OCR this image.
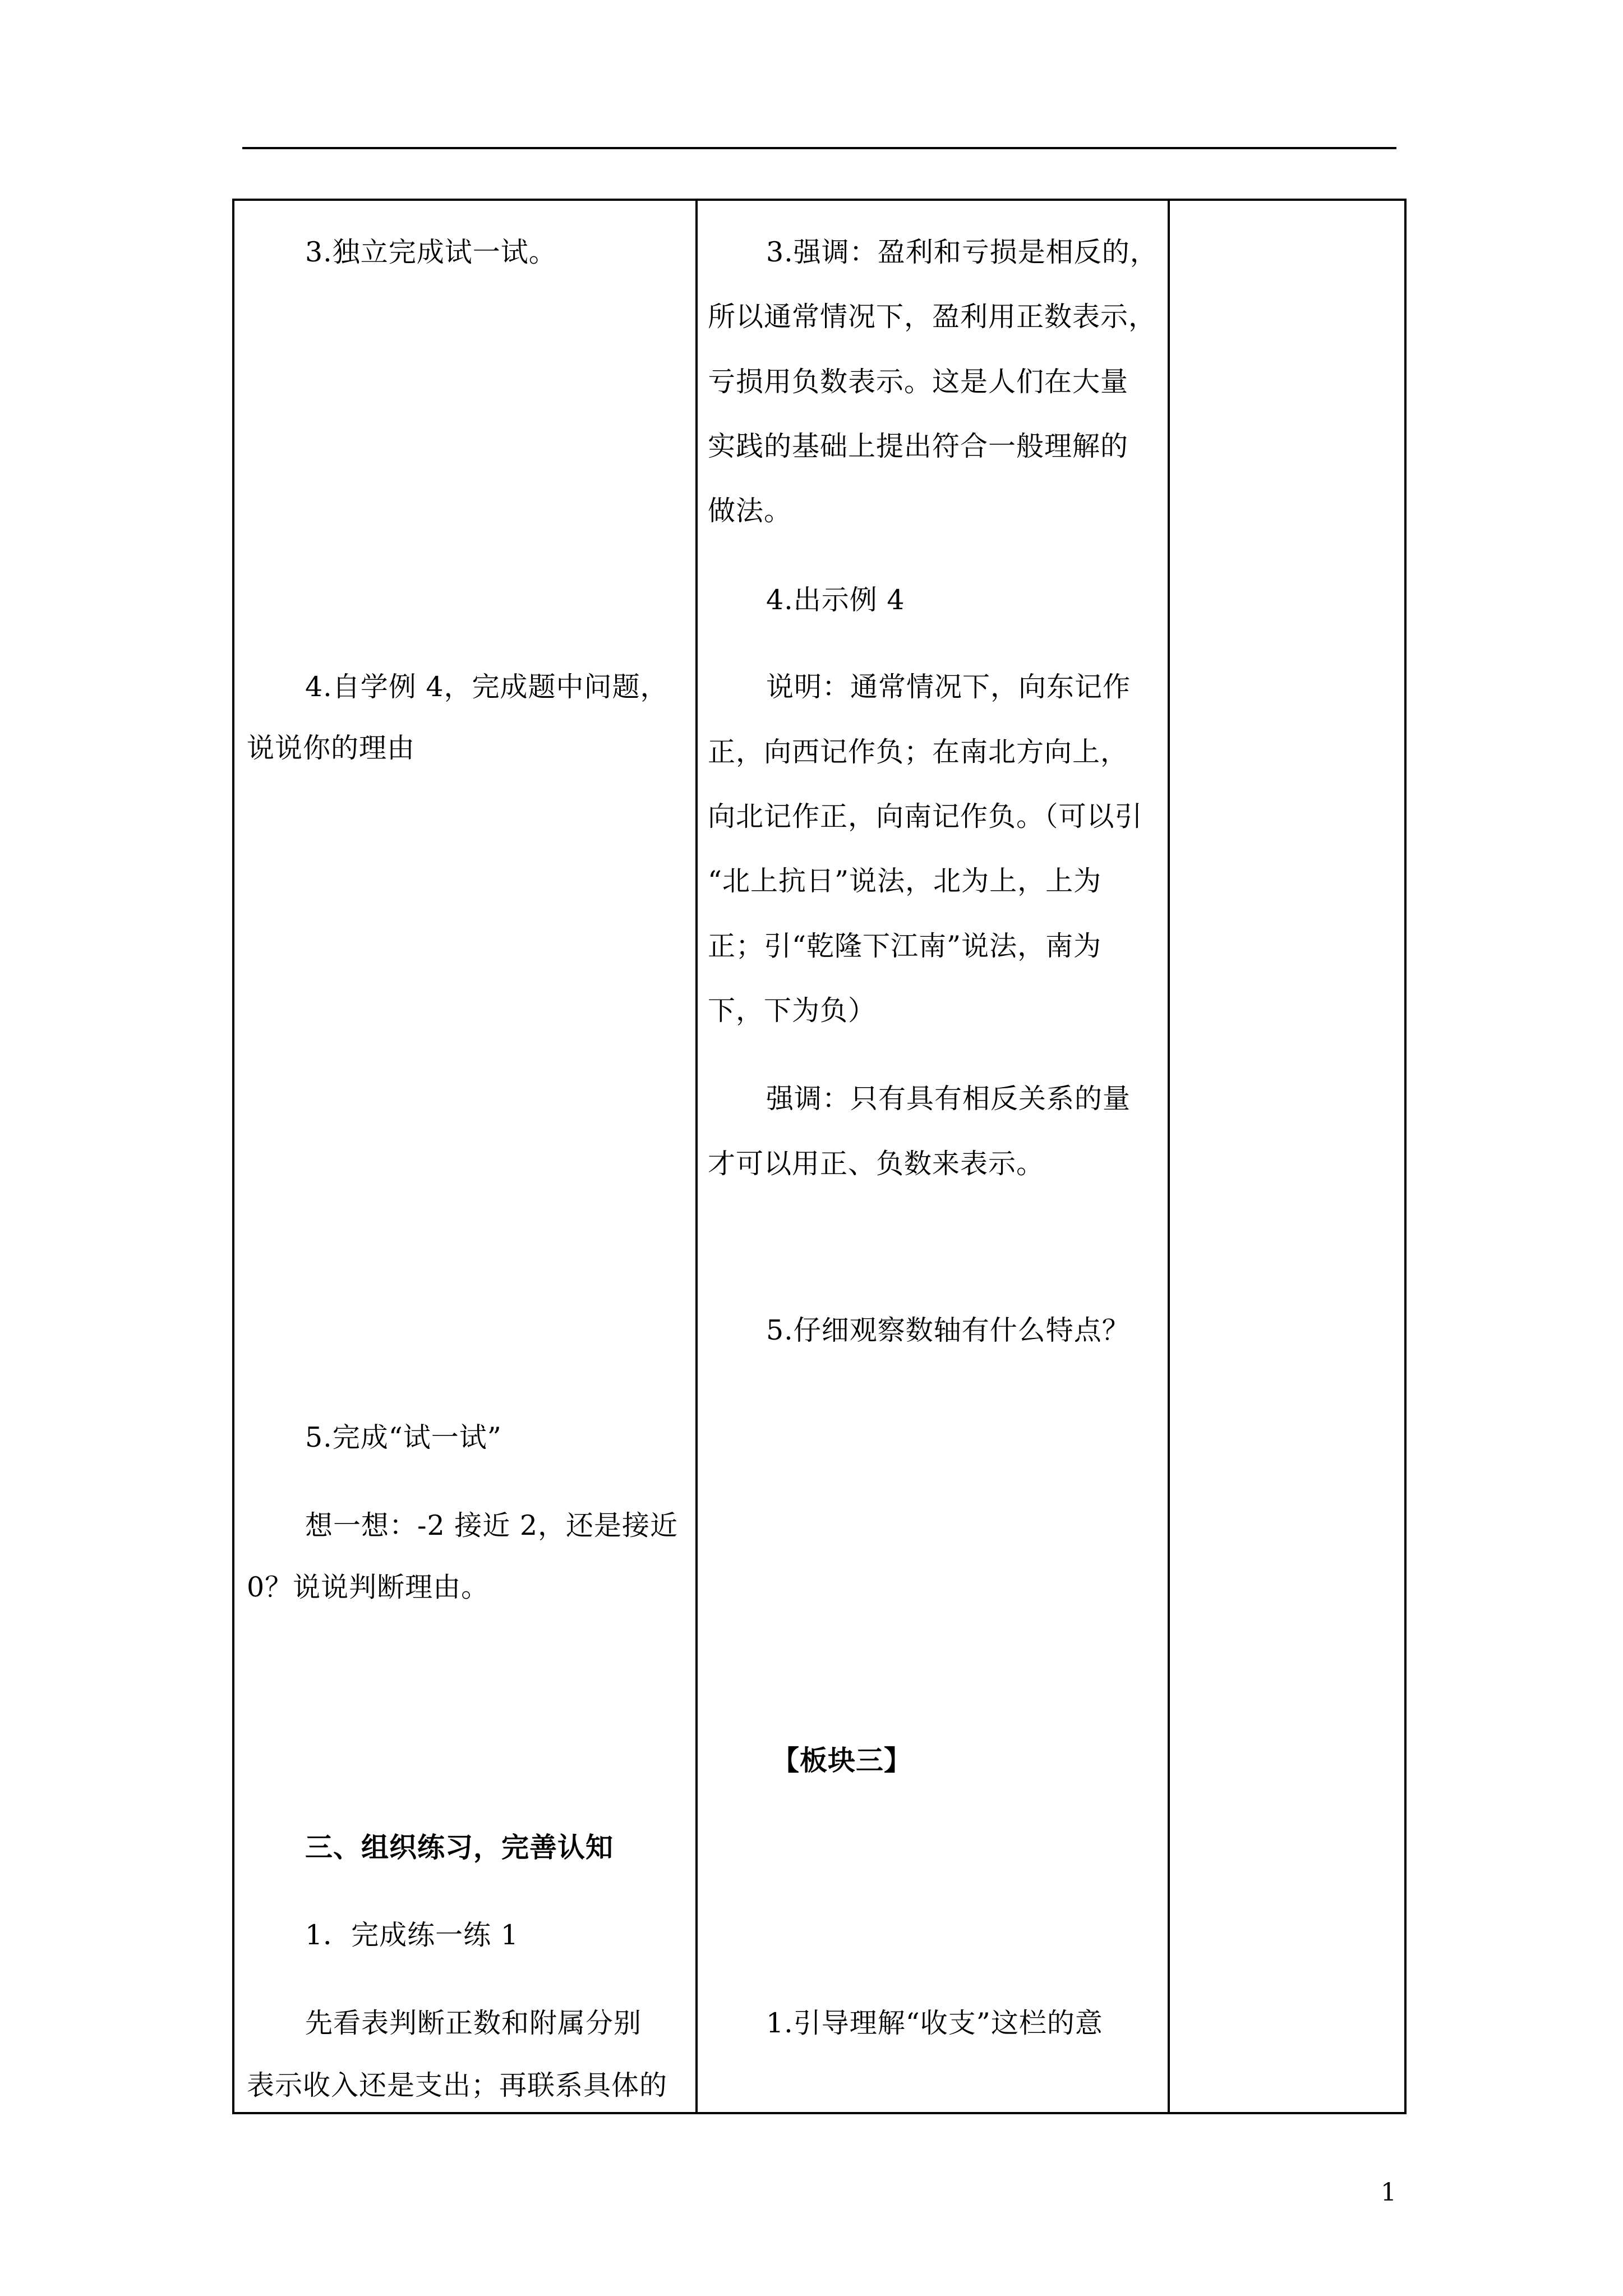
3.独立完成试一试。
4.自学例 4，完成题中问题，
说说你的理由
5.完成“试一试”
想一想：-2 接近 2，还是接近
0？说说判断理由。
三、组织练习，完善认知
1．完成练一练 1
先看表判断正数和附属分别
表示收入还是支出；再联系具体的
3.强调：盈利和亏损是相反的，
所以通常情况下，盈利用正数表示，
亏损用负数表示。这是人们在大量
实践的基础上提出符合一般理解的
做法。
4.出示例 4
说明：通常情况下，向东记作
正，向西记作负；在南北方向上，
向北记作正，向南记作负。（可以引
“北上抗日”说法，北为上，上为
正；引“乾隆下江南”说法，南为
下，下为负）
强调：只有具有相反关系的量
才可以用正、负数来表示。
5.仔细观察数轴有什么特点？
【板块三】
1.引导理解“收支”这栏的意
1
